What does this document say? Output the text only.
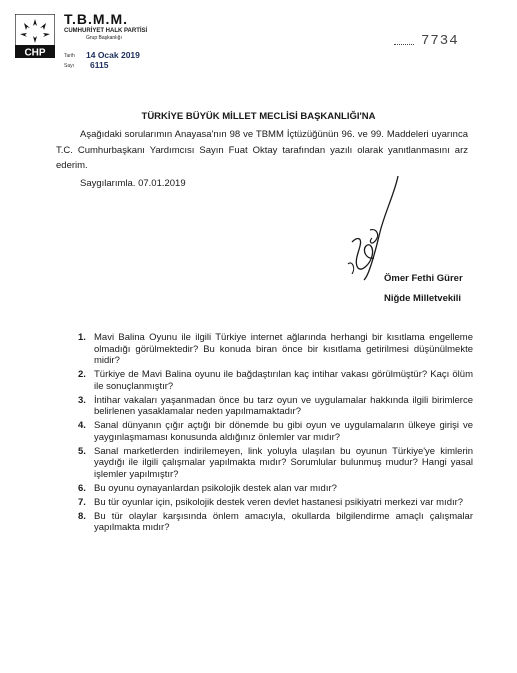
CHP
T.B.M.M.
CUMHURİYET HALK PARTİSİ
Grup Başkanlığı
Tarih 14 Ocak 2019
Sayı 6115
7734
TÜRKİYE BÜYÜK MİLLET MECLİSİ BAŞKANLIĞI'NA
Aşağıdaki sorularımın Anayasa'nın 98 ve TBMM İçtüzüğünün 96. ve 99. Maddeleri uyarınca T.C. Cumhurbaşkanı Yardımcısı Sayın Fuat Oktay tarafından yazılı olarak yanıtlanmasını arz ederim.
Saygılarımla. 07.01.2019
Ömer Fethi Gürer
Niğde Milletvekili
1. Mavi Balina Oyunu ile ilgili Türkiye internet ağlarında herhangi bir kısıtlama engelleme olmadığı görülmektedir? Bu konuda biran önce bir kısıtlama getirilmesi düşünülmekte midir?
2. Türkiye de Mavi Balina oyunu ile bağdaştırılan kaç intihar vakası görülmüştür? Kaçı ölüm ile sonuçlanmıştır?
3. İntihar vakaları yaşanmadan önce bu tarz oyun ve uygulamalar hakkında ilgili birimlerce belirlenen yasaklamalar neden yapılmamaktadır?
4. Sanal dünyanın çığır açtığı bir dönemde bu gibi oyun ve uygulamaların ülkeye girişi ve yaygınlaşmaması konusunda aldığınız önlemler var mıdır?
5. Sanal marketlerden indirilemeyen, link yoluyla ulaşılan bu oyunun Türkiye'ye kimlerin yaydığı ile ilgili çalışmalar yapılmakta mıdır? Sorumlular bulunmuş mudur? Hangi yasal işlemler yapılmıştır?
6. Bu oyunu oynayanlardan psikolojik destek alan var mıdır?
7. Bu tür oyunlar için, psikolojik destek veren devlet hastanesi psikiyatri merkezi var mıdır?
8. Bu tür olaylar karşısında önlem amacıyla, okullarda bilgilendirme amaçlı çalışmalar yapılmakta mıdır?
